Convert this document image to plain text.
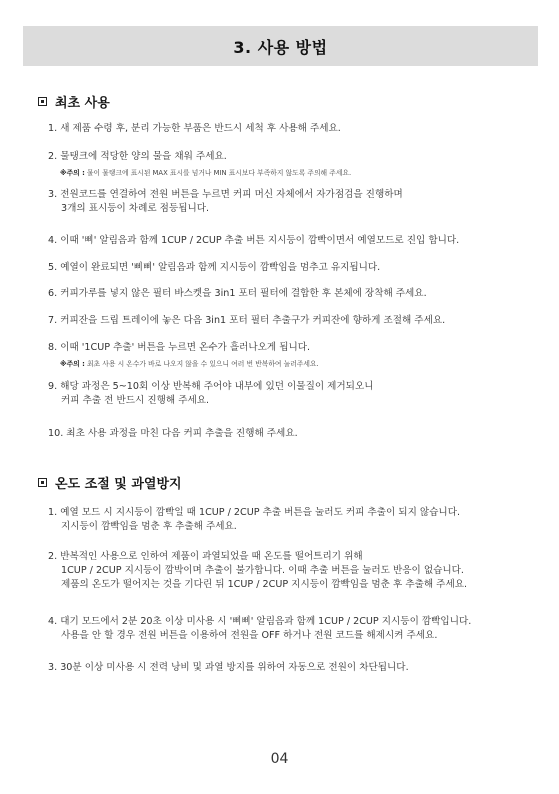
3. 사용 방법
최초 사용
1. 새 제품 수령 후, 분리 가능한 부품은 반드시 세척 후 사용해 주세요.
2. 물탱크에 적당한 양의 물을 채워 주세요.
※주의 : 물이 물탱크에 표시된 MAX 표시를 넘거나 MIN 표시보다 부족하지 않도록 주의해 주세요.
3. 전원코드를 연결하여 전원 버튼을 누르면 커피 머신 자체에서 자가점검을 진행하며
3개의 표시등이 차례로 점등됩니다.
4. 이때 '삐' 알림음과 함께 1CUP / 2CUP 추출 버튼 지시등이 깜빡이면서 예열모드로 진입 합니다.
5. 예열이 완료되면 '삐삐' 알림음과 함께 지시등이 깜빡임을 멈추고 유지됩니다.
6. 커피가루를 넣지 않은 필터 바스켓을 3in1 포터 필터에 결합한 후 본체에 장착해 주세요.
7. 커피잔을 드립 트레이에 놓은 다음 3in1 포터 필터 추출구가 커피잔에 향하게 조절해 주세요.
8. 이때 '1CUP 추출' 버튼을 누르면 온수가 흘러나오게 됩니다.
※주의 : 최초 사용 시 온수가 바로 나오지 않을 수 있으니 여러 번 반복하여 눌러주세요.
9. 해당 과정은 5~10회 이상 반복해 주어야 내부에 있던 이물질이 제거되오니
커피 추출 전 반드시 진행해 주세요.
10. 최초 사용 과정을 마친 다음 커피 추출을 진행해 주세요.
온도 조절 및 과열방지
1. 예열 모드 시 지시등이 깜빡일 때 1CUP / 2CUP 추출 버튼을 눌러도 커피 추출이 되지 않습니다.
지시등이 깜빡임을 멈춘 후 추출해 주세요.
2. 반복적인 사용으로 인하여 제품이 과열되었을 때 온도를 떨어트리기 위해
1CUP / 2CUP 지시등이 깜박이며 추출이 불가합니다. 이때 추출 버튼을 눌러도 반응이 없습니다.
제품의 온도가 떨어지는 것을 기다린 뒤 1CUP / 2CUP 지시등이 깜빡임을 멈춘 후 추출해 주세요.
4. 대기 모드에서 2분 20초 이상 미사용 시 '삐삐' 알림음과 함께 1CUP / 2CUP 지시등이 깜빡입니다.
사용을 안 할 경우 전원 버튼을 이용하여 전원을 OFF 하거나 전원 코드를 해제시켜 주세요.
3. 30분 이상 미사용 시 전력 낭비 및 과열 방지를 위하여 자동으로 전원이 차단됩니다.
04
